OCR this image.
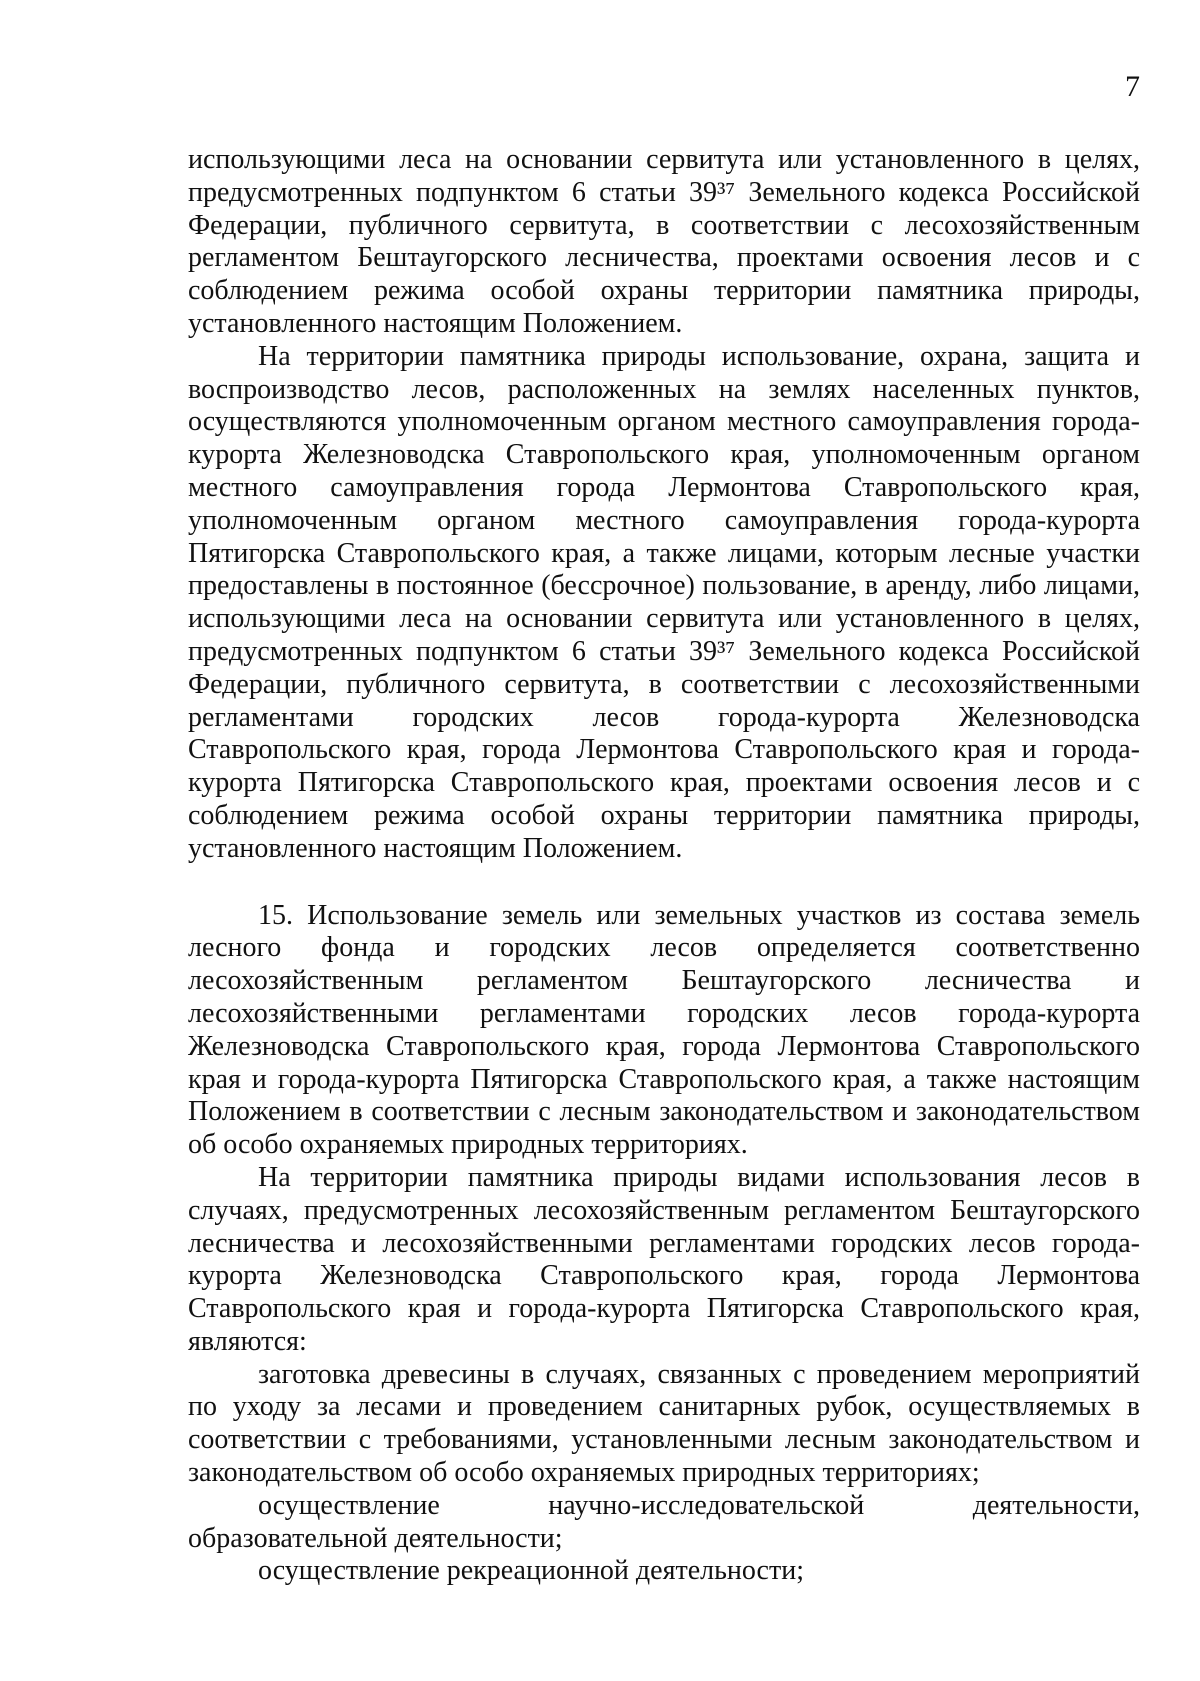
7

использующими леса на основании сервитута или установленного в целях, предусмотренных подпунктом 6 статьи 39³⁷ Земельного кодекса Российской Федерации, публичного сервитута, в соответствии с лесохозяйственным регламентом Бештаугорского лесничества, проектами освоения лесов и с соблюдением режима особой охраны территории памятника природы, установленного настоящим Положением.

На территории памятника природы использование, охрана, защита и воспроизводство лесов, расположенных на землях населенных пунктов, осуществляются уполномоченным органом местного самоуправления города-курорта Железноводска Ставропольского края, уполномоченным органом местного самоуправления города Лермонтова Ставропольского края, уполномоченным органом местного самоуправления города-курорта Пятигорска Ставропольского края, а также лицами, которым лесные участки предоставлены в постоянное (бессрочное) пользование, в аренду, либо лицами, использующими леса на основании сервитута или установленного в целях, предусмотренных подпунктом 6 статьи 39³⁷ Земельного кодекса Российской Федерации, публичного сервитута, в соответствии с лесохозяйственными регламентами городских лесов города-курорта Железноводска Ставропольского края, города Лермонтова Ставропольского края и города-курорта Пятигорска Ставропольского края, проектами освоения лесов и с соблюдением режима особой охраны территории памятника природы, установленного настоящим Положением.

15. Использование земель или земельных участков из состава земель лесного фонда и городских лесов определяется соответственно лесохозяйственным регламентом Бештаугорского лесничества и лесохозяйственными регламентами городских лесов города-курорта Железноводска Ставропольского края, города Лермонтова Ставропольского края и города-курорта Пятигорска Ставропольского края, а также настоящим Положением в соответствии с лесным законодательством и законодательством об особо охраняемых природных территориях.

На территории памятника природы видами использования лесов в случаях, предусмотренных лесохозяйственным регламентом Бештаугорского лесничества и лесохозяйственными регламентами городских лесов города-курорта Железноводска Ставропольского края, города Лермонтова Ставропольского края и города-курорта Пятигорска Ставропольского края, являются:

заготовка древесины в случаях, связанных с проведением мероприятий по уходу за лесами и проведением санитарных рубок, осуществляемых в соответствии с требованиями, установленными лесным законодательством и законодательством об особо охраняемых природных территориях;

осуществление научно-исследовательской деятельности, образовательной деятельности;

осуществление рекреационной деятельности;
